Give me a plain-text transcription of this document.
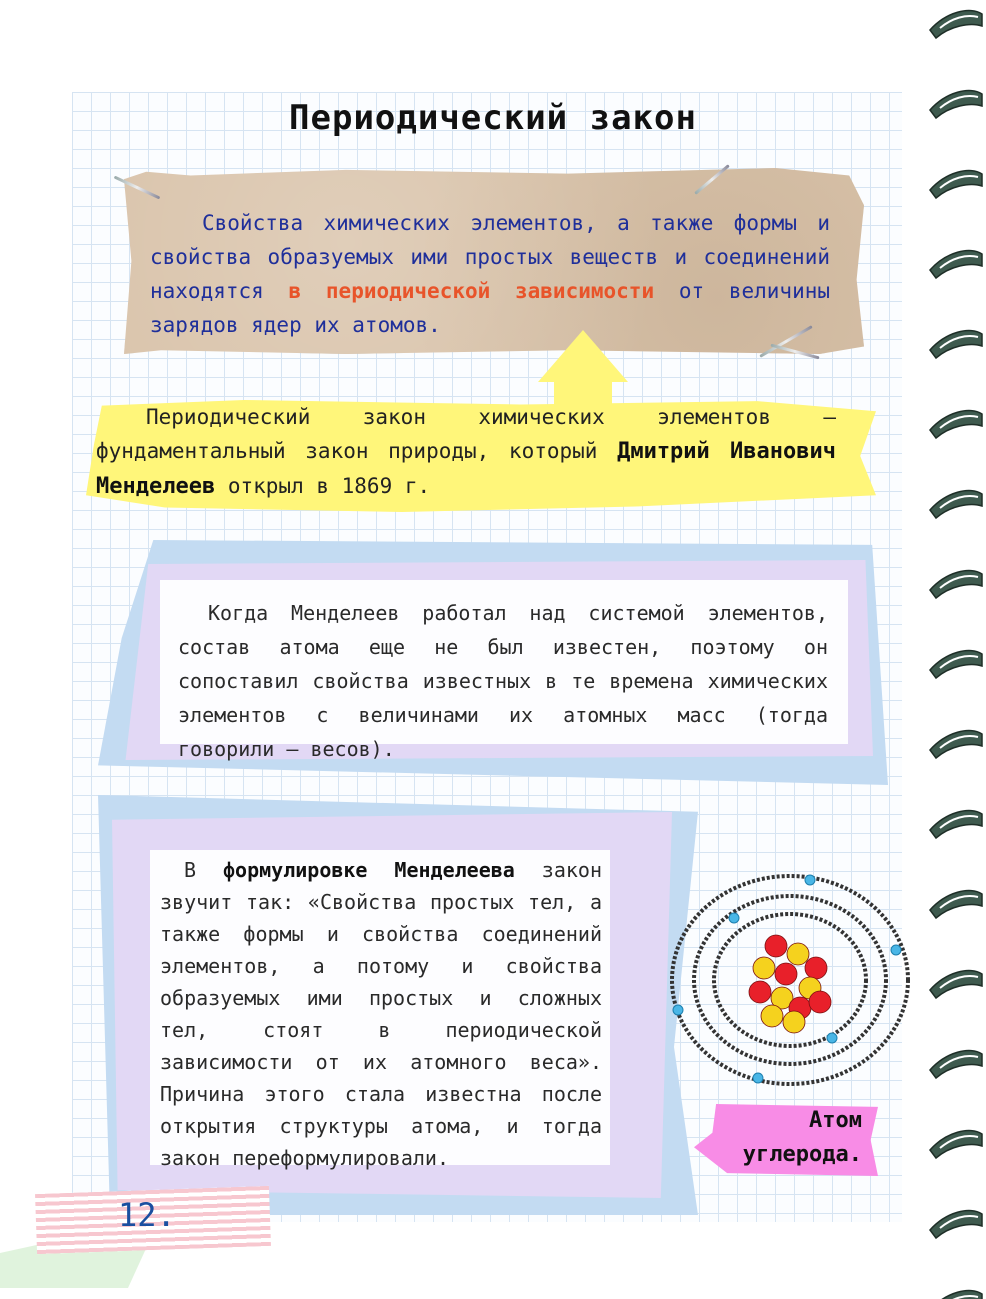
Периодический закон

Свойства химических элементов, а также формы и свойства образуемых ими простых веществ и соединений находятся в периодической зависимости от величины зарядов ядер их атомов.

Периодический закон химических элементов – фундаментальный закон природы, который Дмитрий Иванович Менделеев открыл в 1869 г.

Когда Менделеев работал над системой элементов, состав атома еще не был известен, поэтому он сопоставил свойства известных в те времена химических элементов с величинами их атомных масс (тогда говорили – весов).

В формулировке Менделеева закон звучит так: «Свойства простых тел, а также формы и свойства соединений элементов, а потому и свойства образуемых ими простых и сложных тел, стоят в периодической зависимости от их атомного веса». Причина этого стала известна после открытия структуры атома, и тогда закон переформулировали.

Атом
углерода.
12.
